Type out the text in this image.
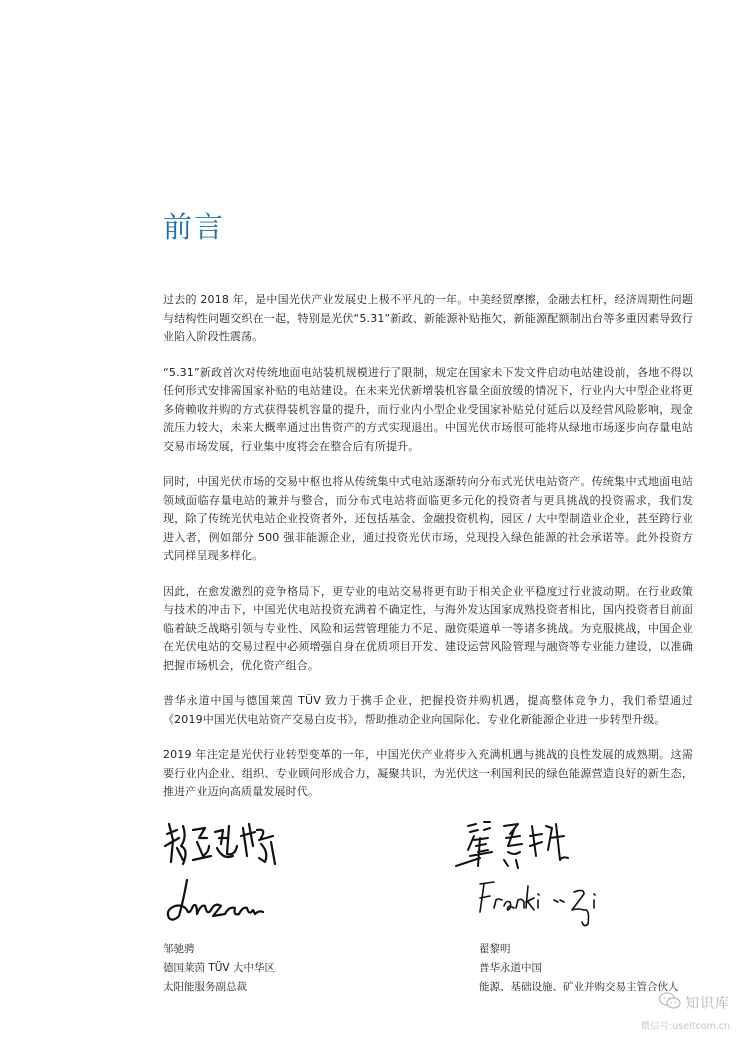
前言

过去的 2018 年，是中国光伏产业发展史上极不平凡的一年。中美经贸摩擦，金融去杠杆，经济周期性问题与结构性问题交织在一起，特别是光伏“5.31”新政、新能源补贴拖欠，新能源配额制出台等多重因素导致行业陷入阶段性震荡。

“5.31”新政首次对传统地面电站装机规模进行了限制，规定在国家未下发文件启动电站建设前，各地不得以任何形式安排需国家补贴的电站建设。在未来光伏新增装机容量全面放缓的情况下，行业内大中型企业将更多倚赖收并购的方式获得装机容量的提升，而行业内小型企业受国家补贴兑付延后以及经营风险影响，现金流压力较大，未来大概率通过出售资产的方式实现退出。中国光伏市场很可能将从绿地市场逐步向存量电站交易市场发展，行业集中度将会在整合后有所提升。

同时，中国光伏市场的交易中枢也将从传统集中式电站逐渐转向分布式光伏电站资产。传统集中式地面电站领域面临存量电站的兼并与整合，而分布式电站将面临更多元化的投资者与更具挑战的投资需求，我们发现，除了传统光伏电站企业投资者外，还包括基金、金融投资机构，园区 / 大中型制造业企业，甚至跨行业进入者，例如部分 500 强非能源企业，通过投资光伏市场，兑现投入绿色能源的社会承诺等。此外投资方式同样呈现多样化。

因此，在愈发激烈的竞争格局下，更专业的电站交易将更有助于相关企业平稳度过行业波动期。在行业政策与技术的冲击下，中国光伏电站投资充满着不确定性，与海外发达国家成熟投资者相比，国内投资者目前面临着缺乏战略引领与专业性、风险和运营管理能力不足、融资渠道单一等诸多挑战。为克服挑战，中国企业在光伏电站的交易过程中必须增强自身在优质项目开发、建设运营风险管理与融资等专业能力建设，以准确把握市场机会，优化资产组合。

普华永道中国与德国莱茵 TÜV 致力于携手企业，把握投资并购机遇，提高整体竞争力，我们希望通过《2019中国光伏电站资产交易白皮书》，帮助推动企业向国际化、专业化新能源企业进一步转型升级。

2019 年注定是光伏行业转型变革的一年，中国光伏产业将步入充满机遇与挑战的良性发展的成熟期。这需要行业内企业、组织、专业顾问形成合力，凝聚共识，为光伏这一利国利民的绿色能源营造良好的新生态，推进产业迈向高质量发展时代。

邹驰骋
德国莱茵 TÜV 大中华区
太阳能服务副总裁
翟黎明
普华永道中国
能源、基础设施、矿业并购交易主管合伙人
知识库
微信号:useitcom.cn
